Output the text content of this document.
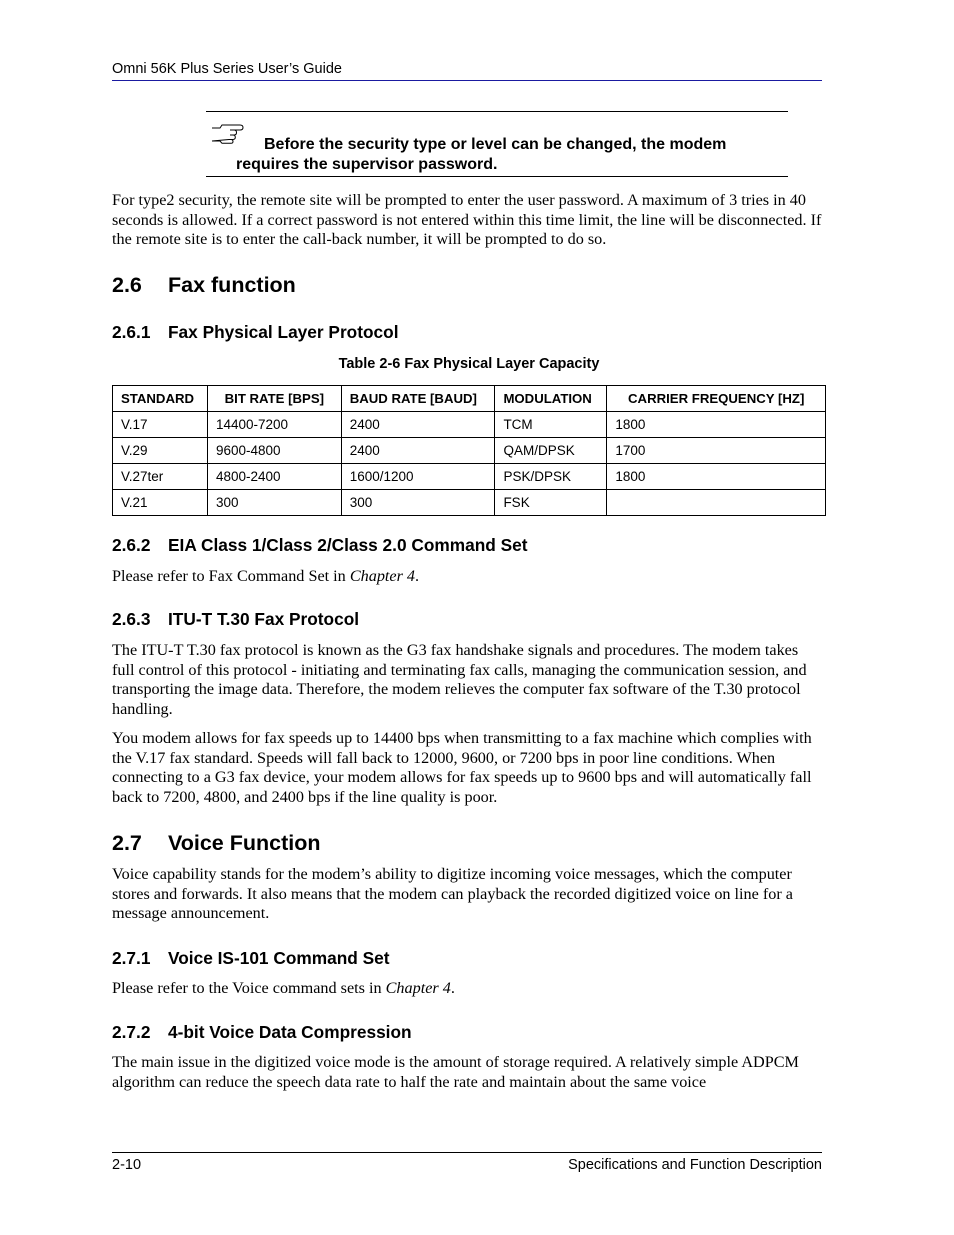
Omni 56K Plus Series User’s Guide
Before the security type or level can be changed, the modem requires the supervisor password.
For type2 security, the remote site will be prompted to enter the user password. A maximum of 3 tries in 40 seconds is allowed. If a correct password is not entered within this time limit, the line will be disconnected. If the remote site is to enter the call-back number, it will be prompted to do so.
2.6 Fax function
2.6.1 Fax Physical Layer Protocol
Table 2-6 Fax Physical Layer Capacity
STANDARD	BIT RATE [BPS]	BAUD RATE [BAUD]	MODULATION	CARRIER FREQUENCY [HZ]
V.17	14400-7200	2400	TCM	1800
V.29	9600-4800	2400	QAM/DPSK	1700
V.27ter	4800-2400	1600/1200	PSK/DPSK	1800
V.21	300	300	FSK	
2.6.2 EIA Class 1/Class 2/Class 2.0 Command Set
Please refer to Fax Command Set in Chapter 4.
2.6.3 ITU-T T.30 Fax Protocol
The ITU-T T.30 fax protocol is known as the G3 fax handshake signals and procedures. The modem takes full control of this protocol - initiating and terminating fax calls, managing the communication session, and transporting the image data. Therefore, the modem relieves the computer fax software of the T.30 protocol handling.
You modem allows for fax speeds up to 14400 bps when transmitting to a fax machine which complies with the V.17 fax standard. Speeds will fall back to 12000, 9600, or 7200 bps in poor line conditions. When connecting to a G3 fax device, your modem allows for fax speeds up to 9600 bps and will automatically fall back to 7200, 4800, and 2400 bps if the line quality is poor.
2.7 Voice Function
Voice capability stands for the modem’s ability to digitize incoming voice messages, which the computer stores and forwards. It also means that the modem can playback the recorded digitized voice on line for a message announcement.
2.7.1 Voice IS-101 Command Set
Please refer to the Voice command sets in Chapter 4.
2.7.2 4-bit Voice Data Compression
The main issue in the digitized voice mode is the amount of storage required. A relatively simple ADPCM algorithm can reduce the speech data rate to half the rate and maintain about the same voice
2-10	Specifications and Function Description
